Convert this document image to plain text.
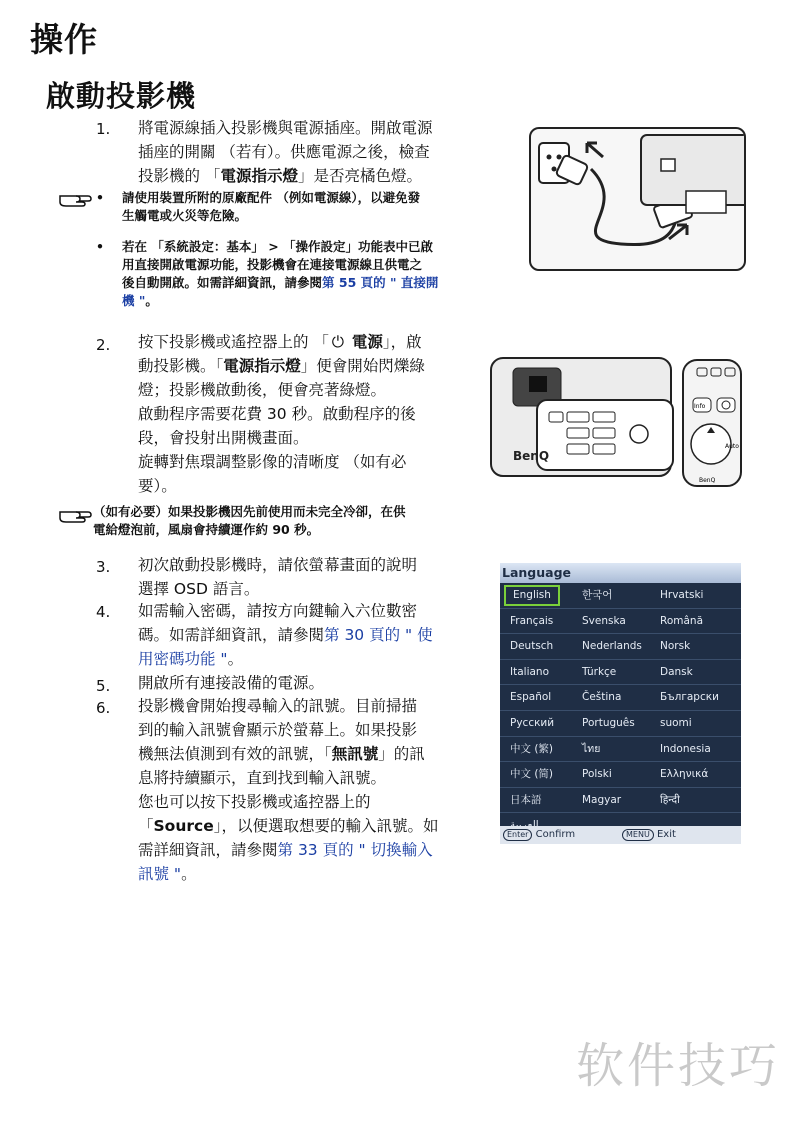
操作
啟動投影機
1. 將電源線插入投影機與電源插座。開啟電源
插座的開關 （若有）。供應電源之後，檢查
投影機的 「電源指示燈」是否亮橘色燈。
• 請使用裝置所附的原廠配件 （例如電源線），以避免發
生觸電或火災等危險。
• 若在 「系統設定：基本」 > 「操作設定」功能表中已啟
用直接開啟電源功能，投影機會在連接電源線且供電之
後自動開啟。如需詳細資訊，請參閱第 55 頁的 " 直接開
機 "。
2. 按下投影機或遙控器上的 「 ⏻ 電源」，啟
動投影機。「電源指示燈」便會開始閃爍綠
燈；投影機啟動後，便會亮著綠燈。
啟動程序需要花費 30 秒。啟動程序的後
段，會投射出開機畫面。
旋轉對焦環調整影像的清晰度 （如有必
要）。
BenQ
Info
Auto
BenQ
（如有必要）如果投影機因先前使用而未完全冷卻，在供
電給燈泡前，風扇會持續運作約 90 秒。
3. 初次啟動投影機時，請依螢幕畫面的說明
選擇 OSD 語言。
4. 如需輸入密碼，請按方向鍵輸入六位數密
碼。如需詳細資訊，請參閱第 30 頁的 " 使
用密碼功能 "。
5. 開啟所有連接設備的電源。
6. 投影機會開始搜尋輸入的訊號。目前掃描
到的輸入訊號會顯示於螢幕上。如果投影
機無法偵測到有效的訊號，「無訊號」的訊
息將持續顯示，直到找到輸入訊號。
您也可以按下投影機或遙控器上的
「Source」，以便選取想要的輸入訊號。如
需詳細資訊，請參閱第 33 頁的 " 切換輸入
訊號 "。
Language
English	한국어	Hrvatski
Français	Svenska	Română
Deutsch	Nederlands Norsk
Italiano	Türkçe	Dansk
Español	Čeština	Български
Русский	Português suomi
中文 (繁)	ไทย	Indonesia
中文 (简)	Polski	Ελληνικά
日本語	Magyar	हिन्दी
Enter Confirm	MENU Exit
软件技巧
